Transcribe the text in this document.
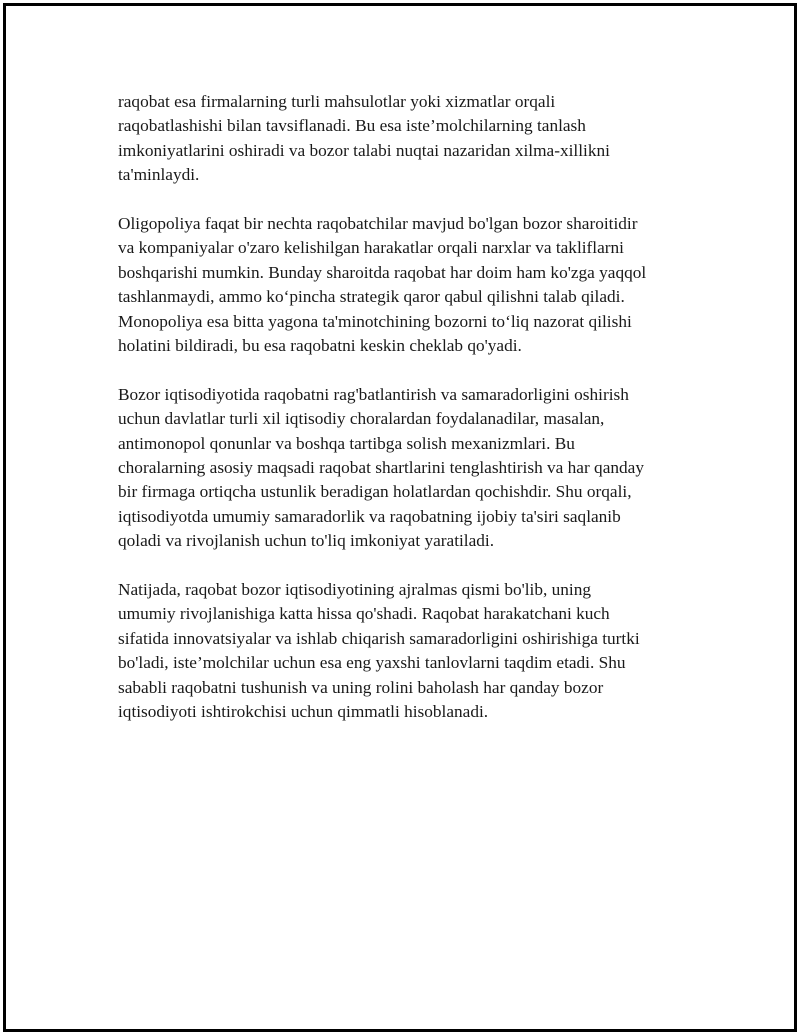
raqobat esa firmalarning turli mahsulotlar yoki xizmatlar orqali
raqobatlashishi bilan tavsiflanadi. Bu esa iste’molchilarning tanlash
imkoniyatlarini oshiradi va bozor talabi nuqtai nazaridan xilma-xillikni
ta'minlaydi.

Oligopoliya faqat bir nechta raqobatchilar mavjud bo'lgan bozor sharoitidir
va kompaniyalar o'zaro kelishilgan harakatlar orqali narxlar va takliflarni
boshqarishi mumkin. Bunday sharoitda raqobat har doim ham ko'zga yaqqol
tashlanmaydi, ammo ko‘pincha strategik qaror qabul qilishni talab qiladi.
Monopoliya esa bitta yagona ta'minotchining bozorni to‘liq nazorat qilishi
holatini bildiradi, bu esa raqobatni keskin cheklab qo'yadi.

Bozor iqtisodiyotida raqobatni rag'batlantirish va samaradorligini oshirish
uchun davlatlar turli xil iqtisodiy choralardan foydalanadilar, masalan,
antimonopol qonunlar va boshqa tartibga solish mexanizmlari. Bu
choralarning asosiy maqsadi raqobat shartlarini tenglashtirish va har qanday
bir firmaga ortiqcha ustunlik beradigan holatlardan qochishdir. Shu orqali,
iqtisodiyotda umumiy samaradorlik va raqobatning ijobiy ta'siri saqlanib
qoladi va rivojlanish uchun to'liq imkoniyat yaratiladi.

Natijada, raqobat bozor iqtisodiyotining ajralmas qismi bo'lib, uning
umumiy rivojlanishiga katta hissa qo'shadi. Raqobat harakatchani kuch
sifatida innovatsiyalar va ishlab chiqarish samaradorligini oshirishiga turtki
bo'ladi, iste’molchilar uchun esa eng yaxshi tanlovlarni taqdim etadi. Shu
sababli raqobatni tushunish va uning rolini baholash har qanday bozor
iqtisodiyoti ishtirokchisi uchun qimmatli hisoblanadi.
